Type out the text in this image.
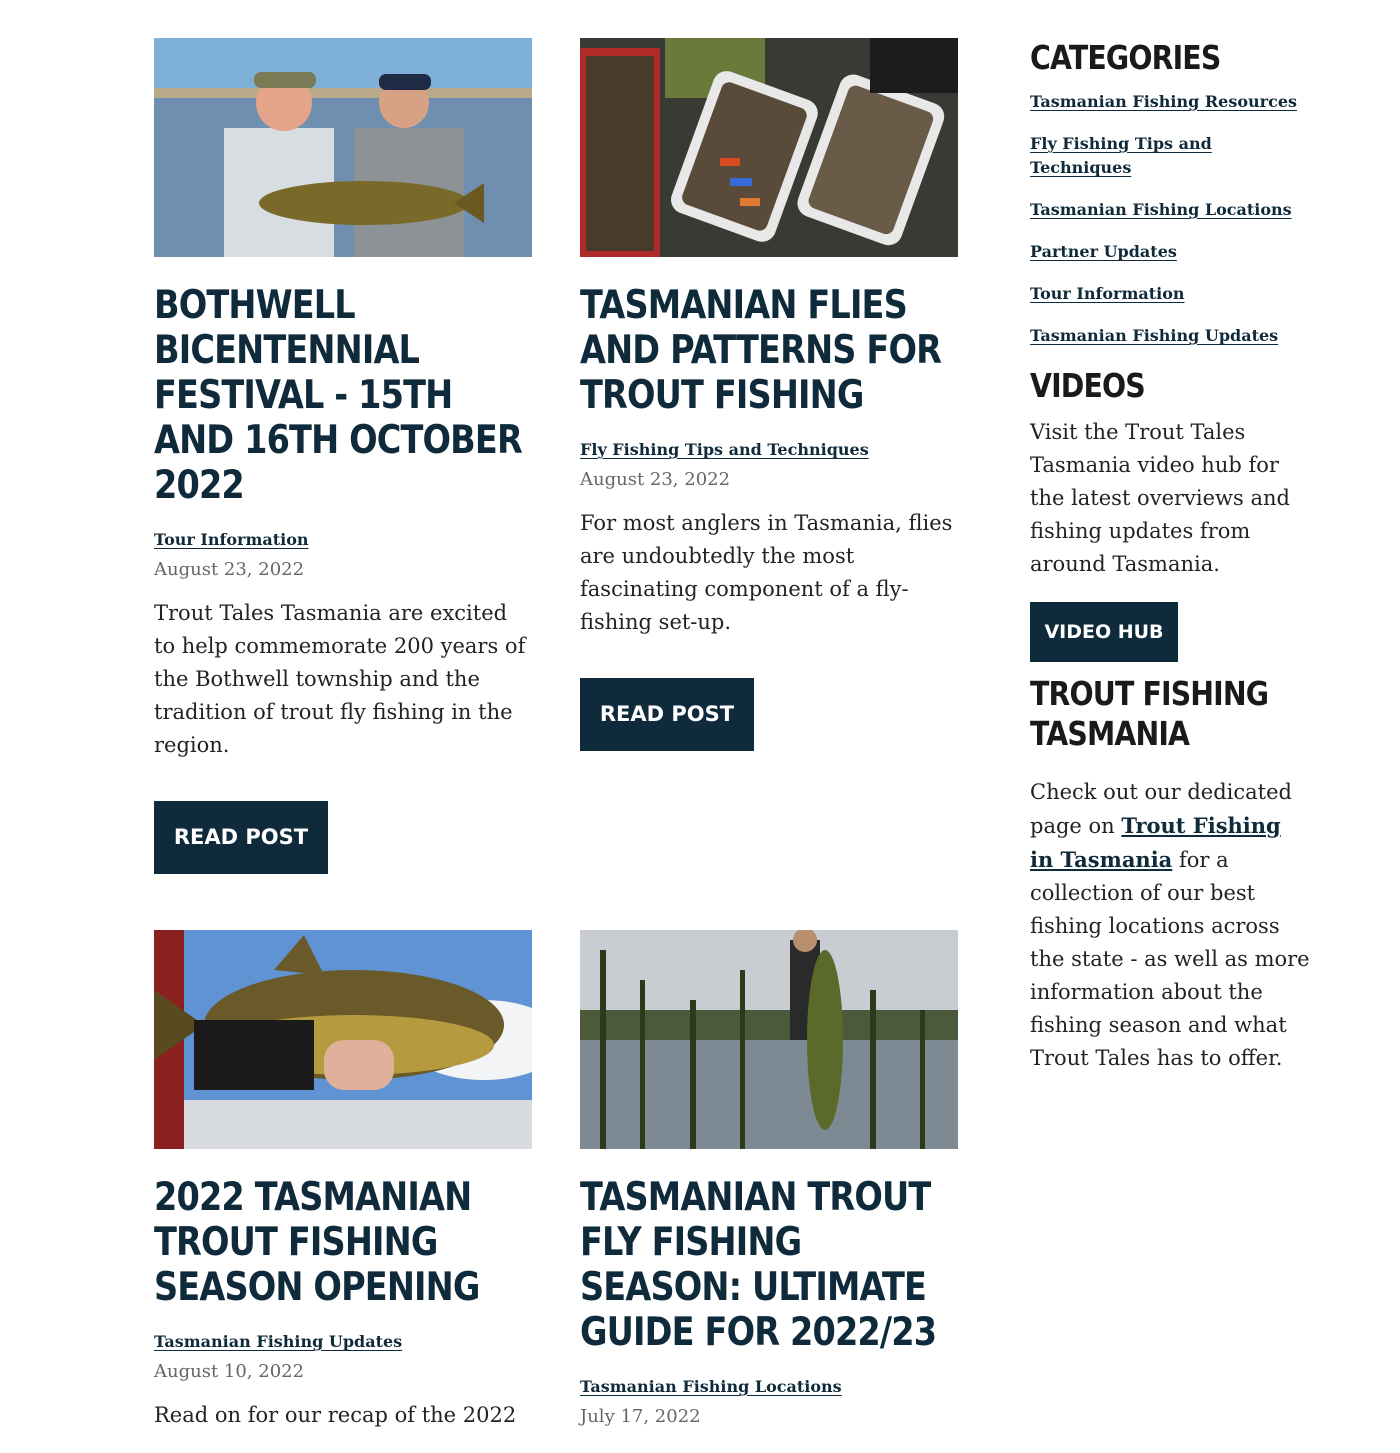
BOTHWELL BICENTENNIAL FESTIVAL - 15TH AND 16TH OCTOBER 2022
Tour Information
August 23, 2022

Trout Tales Tasmania are excited to help commemorate 200 years of the Bothwell township and the tradition of trout fly fishing in the region.

READ POST
TASMANIAN FLIES AND PATTERNS FOR TROUT FISHING
Fly Fishing Tips and Techniques
August 23, 2022

For most anglers in Tasmania, flies are undoubtedly the most fascinating component of a fly-fishing set-up.

READ POST
2022 TASMANIAN TROUT FISHING SEASON OPENING
Tasmanian Fishing Updates
August 10, 2022

Read on for our recap of the 2022

TASMANIAN TROUT FLY FISHING SEASON: ULTIMATE GUIDE FOR 2022/23
Tasmanian Fishing Locations
July 17, 2022
CATEGORIES
Tasmanian Fishing Resources
Fly Fishing Tips and Techniques
Tasmanian Fishing Locations
Partner Updates
Tour Information
Tasmanian Fishing Updates
VIDEOS

Visit the Trout Tales Tasmania video hub for the latest overviews and fishing updates from around Tasmania.

VIDEO HUB
TROUT FISHING TASMANIA

Check out our dedicated page on Trout Fishing in Tasmania for a collection of our best fishing locations across the state - as well as more information about the fishing season and what Trout Tales has to offer.
